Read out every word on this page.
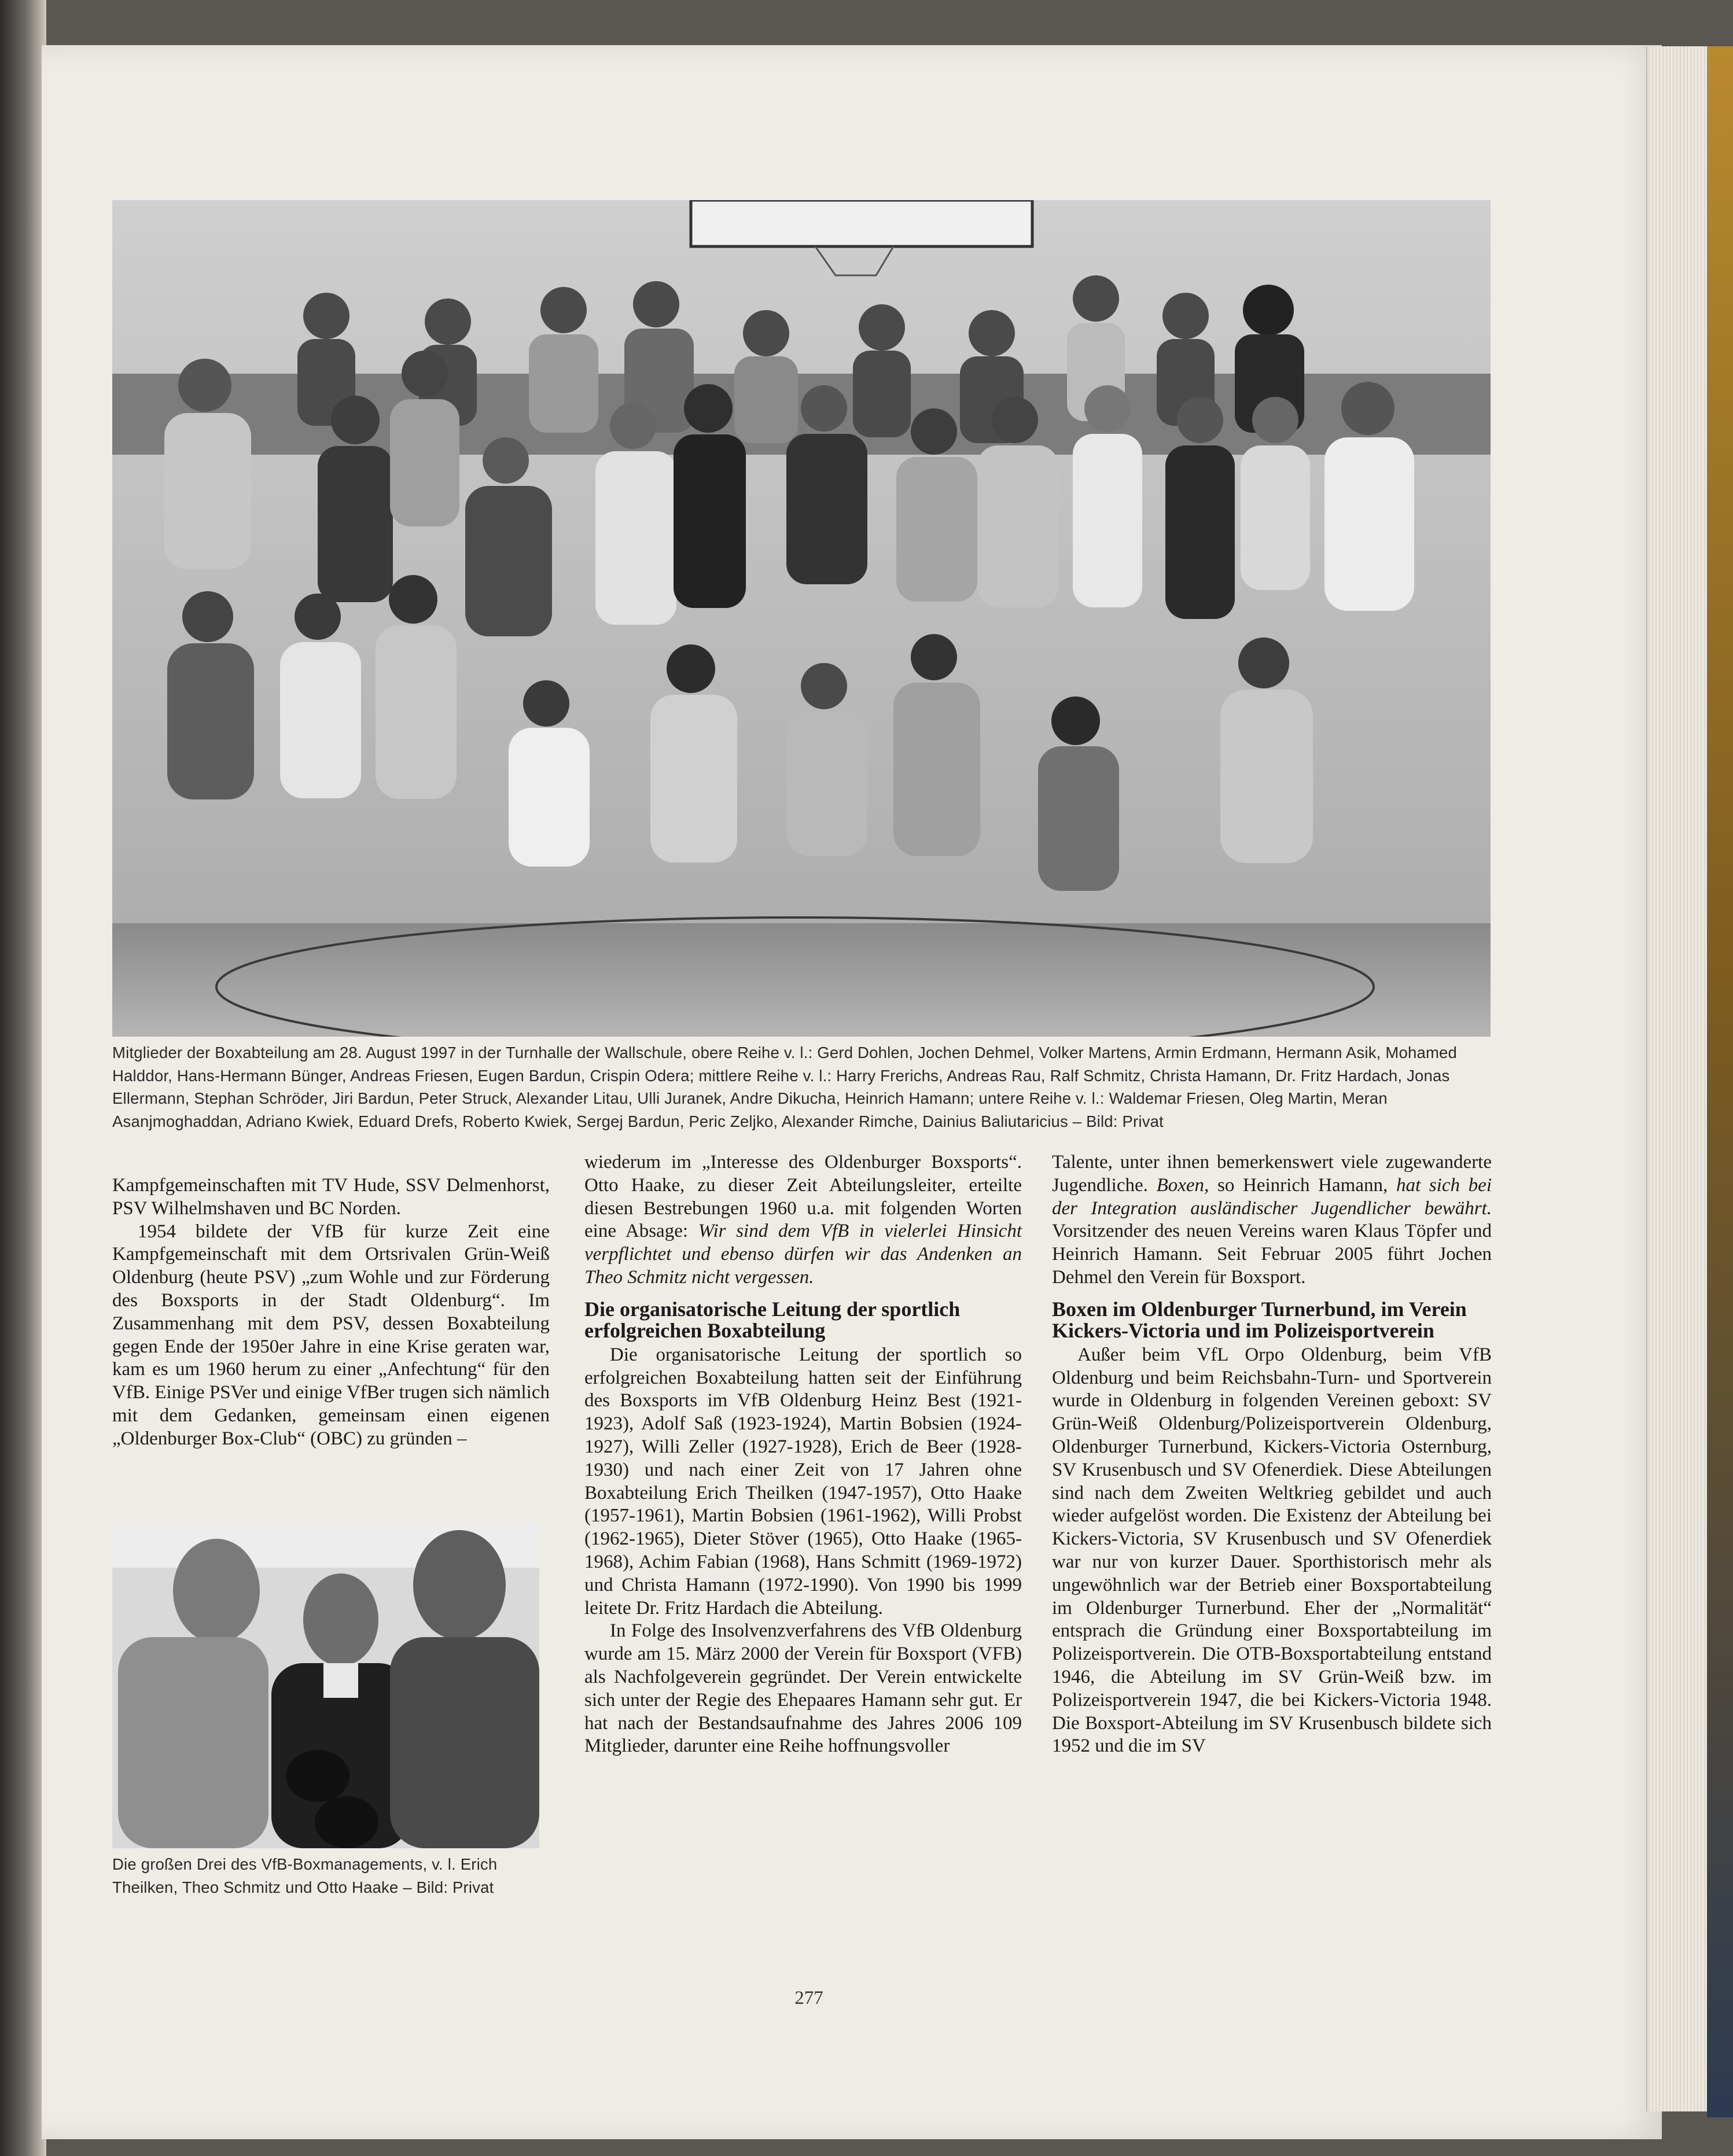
Mitglieder der Boxabteilung am 28. August 1997 in der Turnhalle der Wallschule, obere Reihe v. l.: Gerd Dohlen, Jochen Dehmel, Volker Martens, Armin Erdmann, Hermann Asik, Mohamed Halddor, Hans-Hermann Bünger, Andreas Friesen, Eugen Bardun, Crispin Odera; mittlere Reihe v. l.: Harry Frerichs, Andreas Rau, Ralf Schmitz, Christa Hamann, Dr. Fritz Hardach, Jonas Ellermann, Stephan Schröder, Jiri Bardun, Peter Struck, Alexander Litau, Ulli Juranek, Andre Dikucha, Heinrich Hamann; untere Reihe v. l.: Waldemar Friesen, Oleg Martin, Meran Asanjmoghaddan, Adriano Kwiek, Eduard Drefs, Roberto Kwiek, Sergej Bardun, Peric Zeljko, Alexander Rimche, Dainius Baliutaricius – Bild: Privat
Die großen Drei des VfB-Boxmanagements, v. l. Erich Theilken, Theo Schmitz und Otto Haake – Bild: Privat

Kampfgemeinschaften mit TV Hude, SSV Delmenhorst, PSV Wilhelmshaven und BC Norden.

1954 bildete der VfB für kurze Zeit eine Kampfgemeinschaft mit dem Ortsrivalen Grün-Weiß Oldenburg (heute PSV) „zum Wohle und zur Förderung des Boxsports in der Stadt Oldenburg“. Im Zusammenhang mit dem PSV, dessen Boxabteilung gegen Ende der 1950er Jahre in eine Krise geraten war, kam es um 1960 herum zu einer „Anfechtung“ für den VfB. Einige PSVer und einige VfBer trugen sich nämlich mit dem Gedanken, gemeinsam einen eigenen „Oldenburger Box-Club“ (OBC) zu gründen –

wiederum im „Interesse des Oldenburger Boxsports“. Otto Haake, zu dieser Zeit Abteilungsleiter, erteilte diesen Bestrebungen 1960 u.a. mit folgenden Worten eine Absage: Wir sind dem VfB in vielerlei Hinsicht verpflichtet und ebenso dürfen wir das Andenken an Theo Schmitz nicht vergessen.

Die organisatorische Leitung der sportlich erfolgreichen Boxabteilung

Die organisatorische Leitung der sportlich so erfolgreichen Boxabteilung hatten seit der Einführung des Boxsports im VfB Oldenburg Heinz Best (1921-1923), Adolf Saß (1923-1924), Martin Bobsien (1924-1927), Willi Zeller (1927-1928), Erich de Beer (1928-1930) und nach einer Zeit von 17 Jahren ohne Boxabteilung Erich Theilken (1947-1957), Otto Haake (1957-1961), Martin Bobsien (1961-1962), Willi Probst (1962-1965), Dieter Stöver (1965), Otto Haake (1965-1968), Achim Fabian (1968), Hans Schmitt (1969-1972) und Christa Hamann (1972-1990). Von 1990 bis 1999 leitete Dr. Fritz Hardach die Abteilung.

In Folge des Insolvenzverfahrens des VfB Oldenburg wurde am 15. März 2000 der Verein für Boxsport (VFB) als Nachfolgeverein gegründet. Der Verein entwickelte sich unter der Regie des Ehepaares Hamann sehr gut. Er hat nach der Bestandsaufnahme des Jahres 2006 109 Mitglieder, darunter eine Reihe hoffnungsvoller

Talente, unter ihnen bemerkenswert viele zugewanderte Jugendliche. Boxen, so Heinrich Hamann, hat sich bei der Integration ausländischer Jugendlicher bewährt. Vorsitzender des neuen Vereins waren Klaus Töpfer und Heinrich Hamann. Seit Februar 2005 führt Jochen Dehmel den Verein für Boxsport.

Boxen im Oldenburger Turnerbund, im Verein Kickers-Victoria und im Polizeisportverein

Außer beim VfL Orpo Oldenburg, beim VfB Oldenburg und beim Reichsbahn-Turn- und Sportverein wurde in Oldenburg in folgenden Vereinen geboxt: SV Grün-Weiß Oldenburg/Polizeisportverein Oldenburg, Oldenburger Turnerbund, Kickers-Victoria Osternburg, SV Krusenbusch und SV Ofenerdiek. Diese Abteilungen sind nach dem Zweiten Weltkrieg gebildet und auch wieder aufgelöst worden. Die Existenz der Abteilung bei Kickers-Victoria, SV Krusenbusch und SV Ofenerdiek war nur von kurzer Dauer. Sporthistorisch mehr als ungewöhnlich war der Betrieb einer Boxsportabteilung im Oldenburger Turnerbund. Eher der „Normalität“ entsprach die Gründung einer Boxsportabteilung im Polizeisportverein. Die OTB-Boxsportabteilung entstand 1946, die Abteilung im SV Grün-Weiß bzw. im Polizeisportverein 1947, die bei Kickers-Victoria 1948. Die Boxsport-Abteilung im SV Krusenbusch bildete sich 1952 und die im SV

277
